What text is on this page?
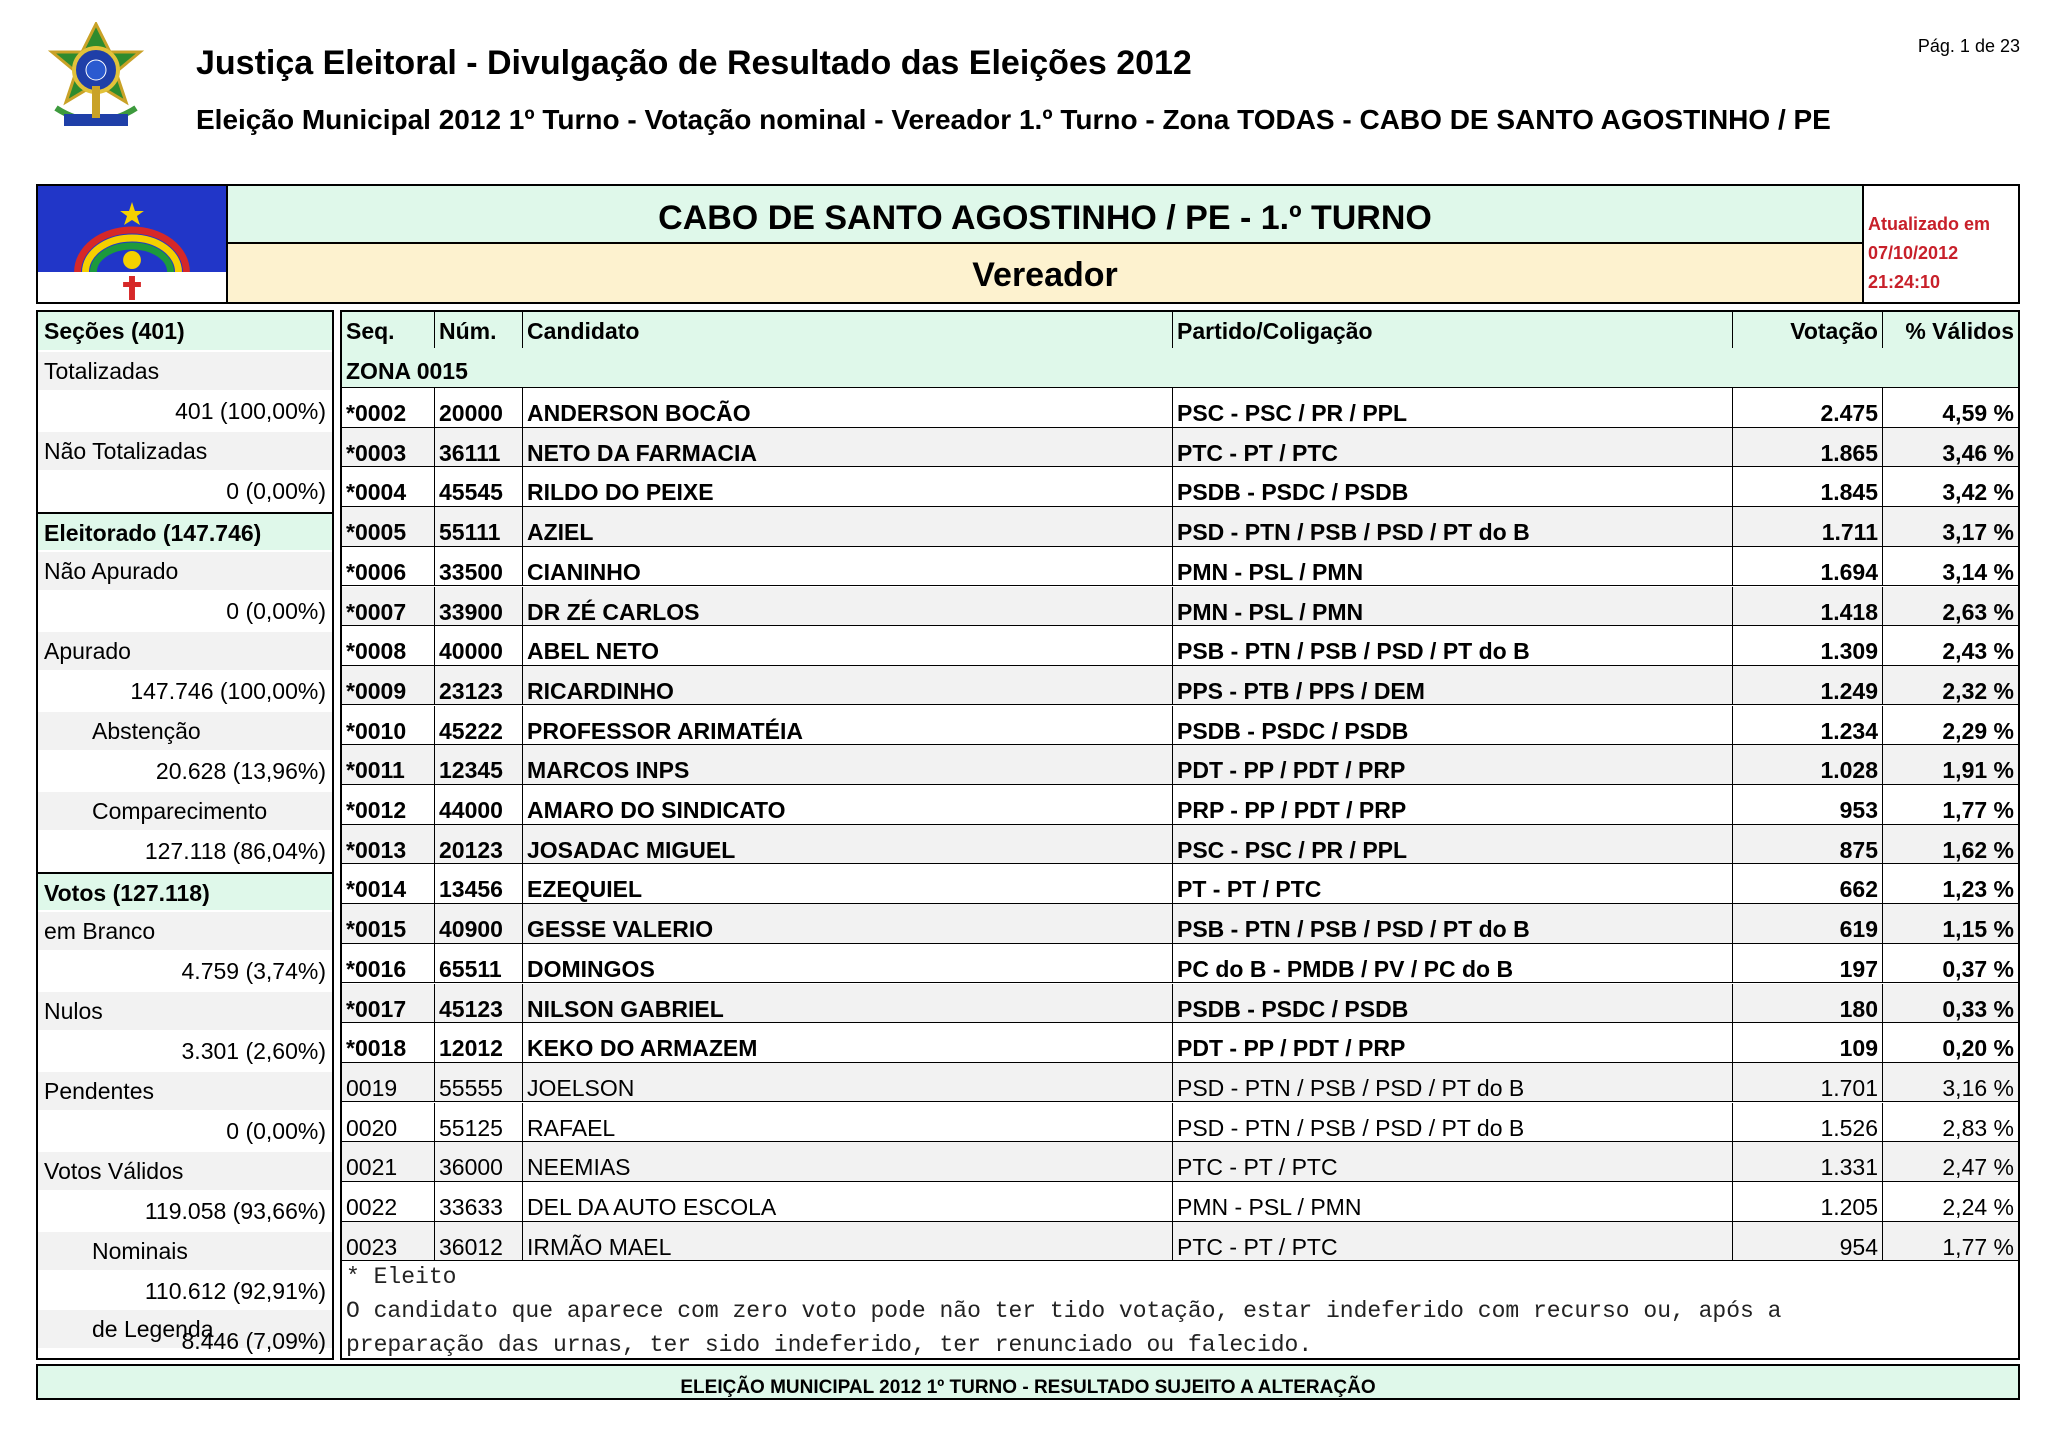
Justiça Eleitoral - Divulgação de Resultado das Eleições 2012
Eleição Municipal 2012 1º Turno - Votação nominal - Vereador 1.º Turno - Zona TODAS - CABO DE SANTO AGOSTINHO / PE
Pág. 1 de 23
CABO DE SANTO AGOSTINHO / PE - 1.º TURNO
Vereador
Atualizado em
07/10/2012
21:24:10
Seções (401)
Totalizadas
401 (100,00%)
Não Totalizadas
0 (0,00%)
Eleitorado (147.746)
Não Apurado
0 (0,00%)
Apurado
147.746 (100,00%)
Abstenção
20.628 (13,96%)
Comparecimento
127.118 (86,04%)
Votos (127.118)
em Branco
4.759 (3,74%)
Nulos
3.301 (2,60%)
Pendentes
0 (0,00%)
Votos Válidos
119.058 (93,66%)
Nominais
110.612 (92,91%)
de Legenda
8.446 (7,09%)
Seq.	Núm.	Candidato	Partido/Coligação	Votação	% Válidos
ZONA 0015
*0002	20000	ANDERSON BOCÃO	PSC - PSC / PR / PPL	2.475	4,59 %
*0003	36111	NETO DA FARMACIA	PTC - PT / PTC	1.865	3,46 %
*0004	45545	RILDO DO PEIXE	PSDB - PSDC / PSDB	1.845	3,42 %
*0005	55111	AZIEL	PSD - PTN / PSB / PSD / PT do B	1.711	3,17 %
*0006	33500	CIANINHO	PMN - PSL / PMN	1.694	3,14 %
*0007	33900	DR ZÉ CARLOS	PMN - PSL / PMN	1.418	2,63 %
*0008	40000	ABEL NETO	PSB - PTN / PSB / PSD / PT do B	1.309	2,43 %
*0009	23123	RICARDINHO	PPS - PTB / PPS / DEM	1.249	2,32 %
*0010	45222	PROFESSOR ARIMATÉIA	PSDB - PSDC / PSDB	1.234	2,29 %
*0011	12345	MARCOS INPS	PDT - PP / PDT / PRP	1.028	1,91 %
*0012	44000	AMARO DO SINDICATO	PRP - PP / PDT / PRP	953	1,77 %
*0013	20123	JOSADAC MIGUEL	PSC - PSC / PR / PPL	875	1,62 %
*0014	13456	EZEQUIEL	PT - PT / PTC	662	1,23 %
*0015	40900	GESSE VALERIO	PSB - PTN / PSB / PSD / PT do B	619	1,15 %
*0016	65511	DOMINGOS	PC do B - PMDB / PV / PC do B	197	0,37 %
*0017	45123	NILSON GABRIEL	PSDB - PSDC / PSDB	180	0,33 %
*0018	12012	KEKO DO ARMAZEM	PDT - PP / PDT / PRP	109	0,20 %
0019	55555	JOELSON	PSD - PTN / PSB / PSD / PT do B	1.701	3,16 %
0020	55125	RAFAEL	PSD - PTN / PSB / PSD / PT do B	1.526	2,83 %
0021	36000	NEEMIAS	PTC - PT / PTC	1.331	2,47 %
0022	33633	DEL DA AUTO ESCOLA	PMN - PSL / PMN	1.205	2,24 %
0023	36012	IRMÃO MAEL	PTC - PT / PTC	954	1,77 %
* Eleito
O candidato que aparece com zero voto pode não ter tido votação, estar indeferido com recurso ou, após a
preparação das urnas, ter sido indeferido, ter renunciado ou falecido.
ELEIÇÃO MUNICIPAL 2012 1º TURNO - RESULTADO SUJEITO A ALTERAÇÃO
